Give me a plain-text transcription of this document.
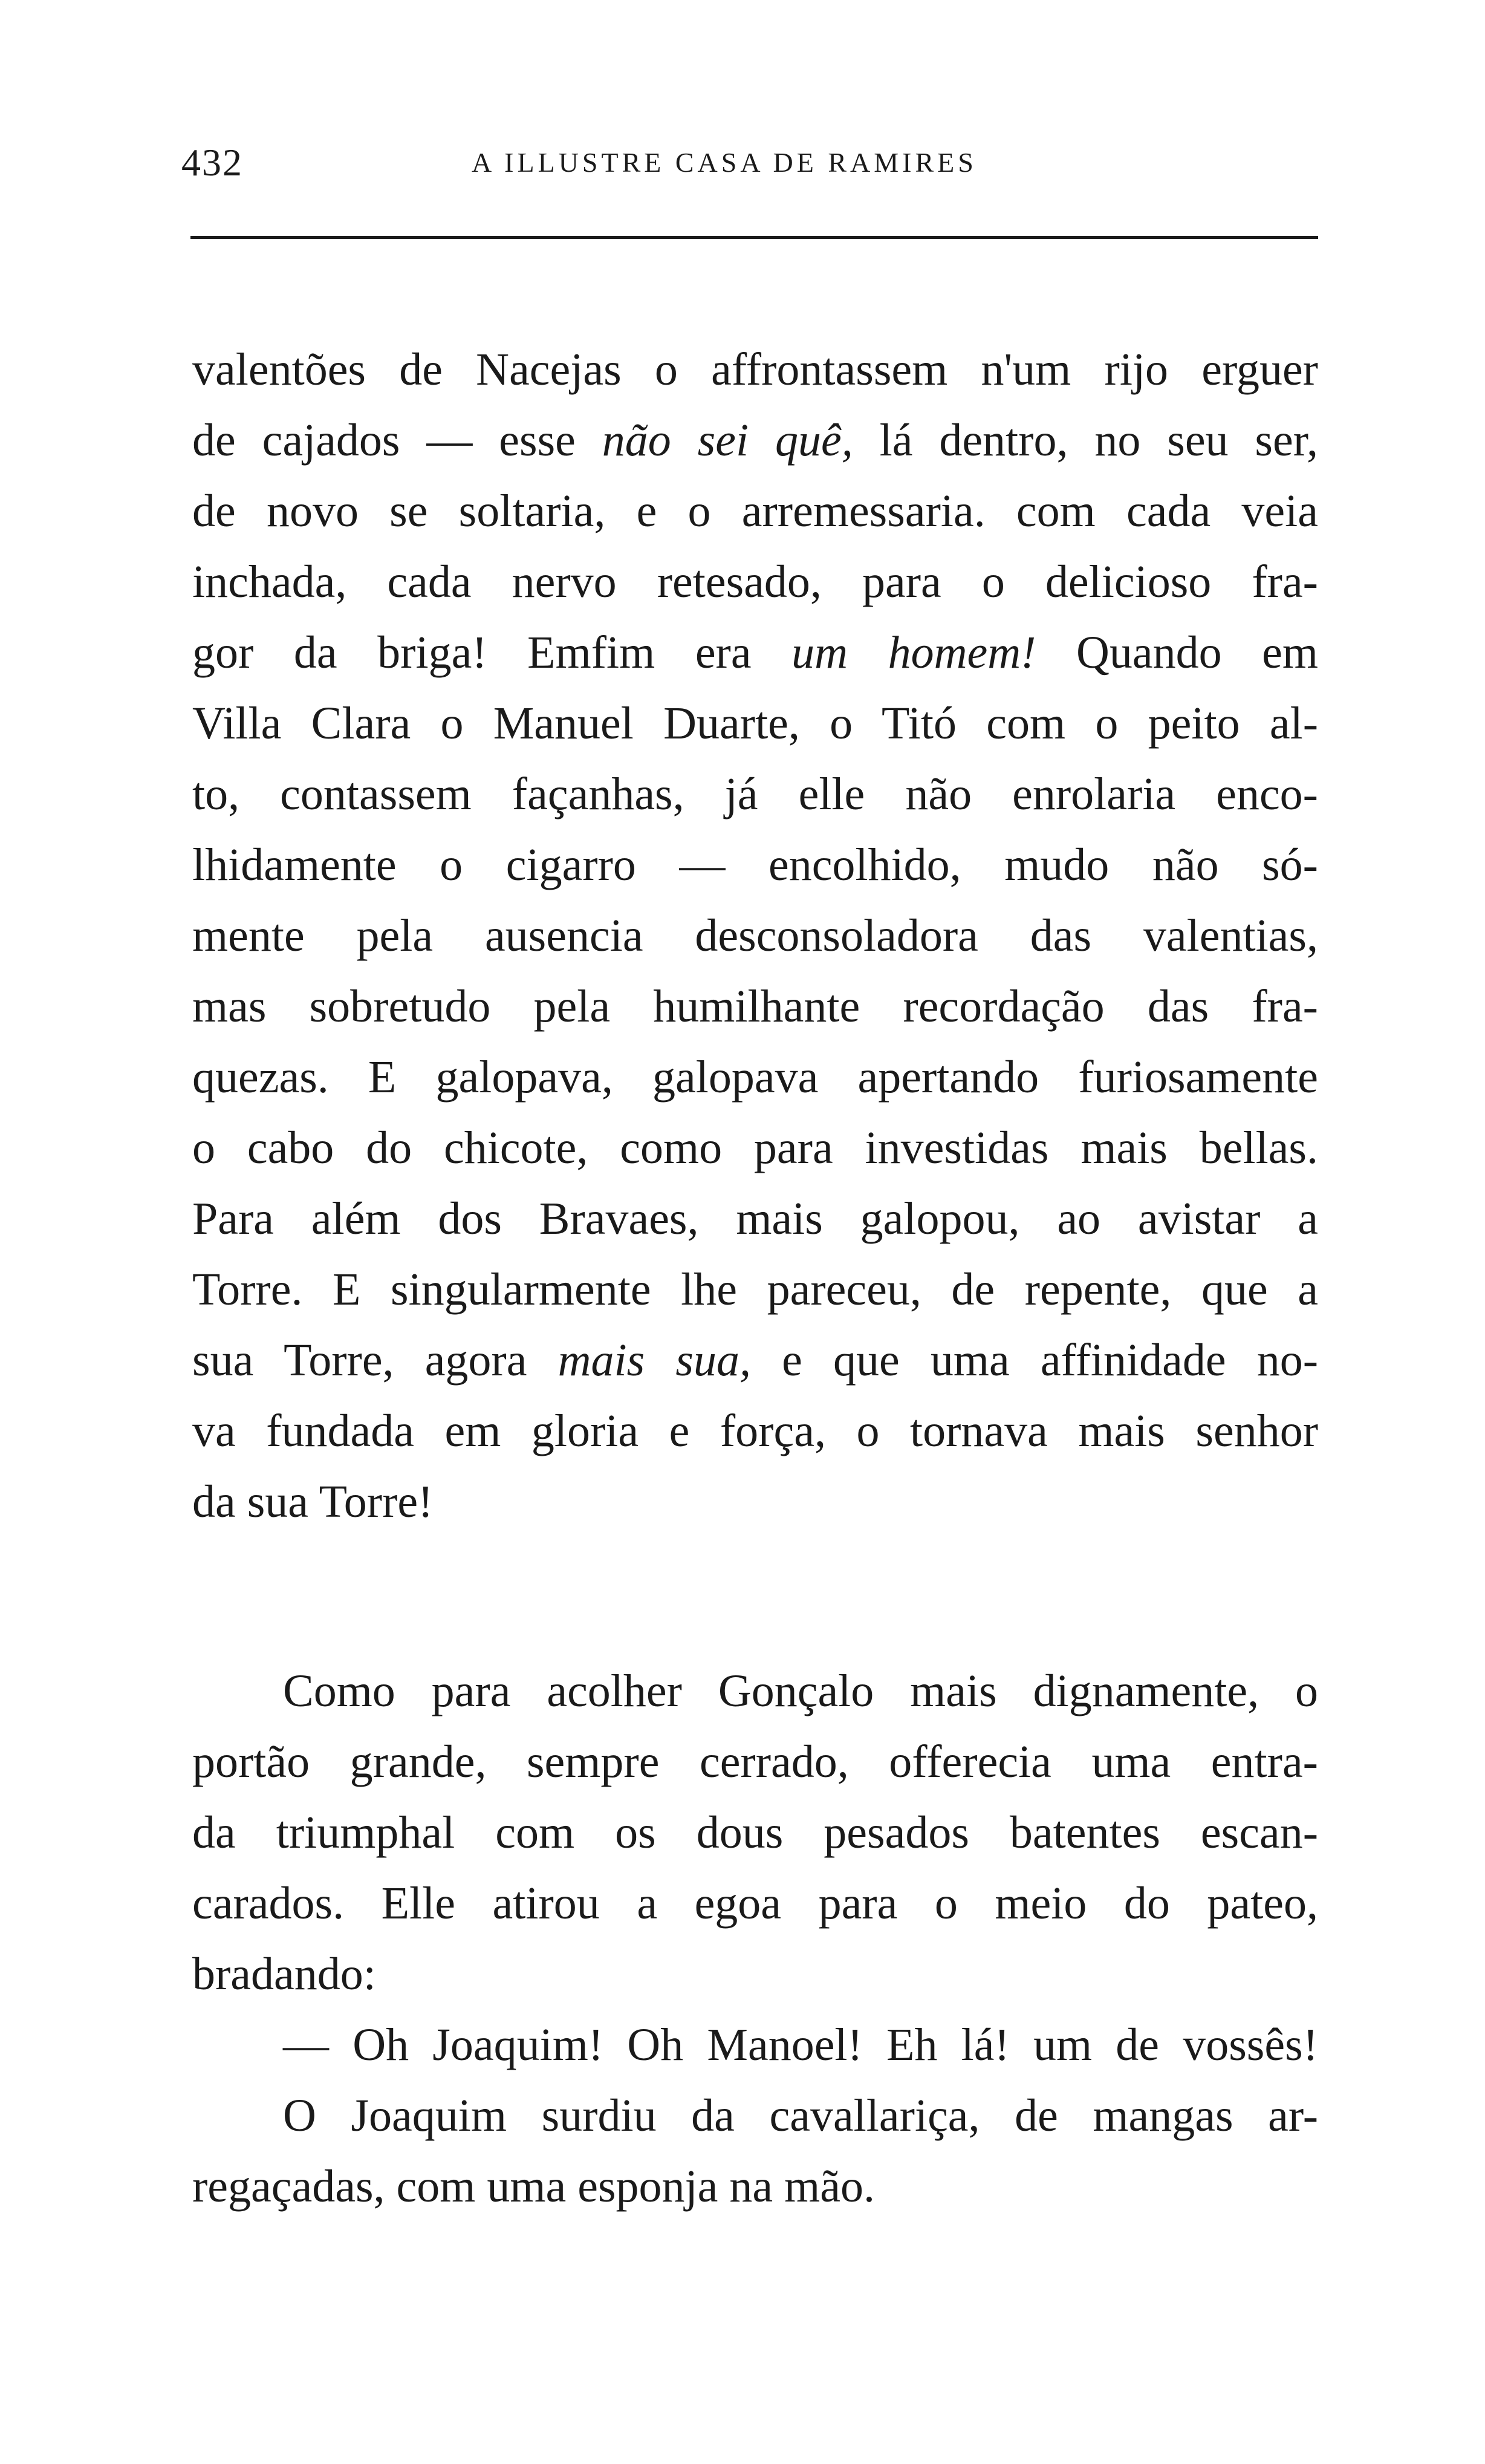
432	A ILLUSTRE CASA DE RAMIRES
valentões de Nacejas o affrontassem n'um rijo erguer
de cajados — esse não sei quê, lá dentro, no seu ser,
de novo se soltaria, e o arremessaria. com cada veia
inchada, cada nervo retesado, para o delicioso fra-
gor da briga! Emfim era um homem! Quando em
Villa Clara o Manuel Duarte, o Titó com o peito al-
to, contassem façanhas, já elle não enrolaria enco-
lhidamente o cigarro — encolhido, mudo não só-
mente pela ausencia desconsoladora das valentias,
mas sobretudo pela humilhante recordação das fra-
quezas. E galopava, galopava apertando furiosamente
o cabo do chicote, como para investidas mais bellas.
Para além dos Bravaes, mais galopou, ao avistar a
Torre. E singularmente lhe pareceu, de repente, que a
sua Torre, agora mais sua, e que uma affinidade no-
va fundada em gloria e força, o tornava mais senhor
da sua Torre!
Como para acolher Gonçalo mais dignamente, o
portão grande, sempre cerrado, offerecia uma entra-
da triumphal com os dous pesados batentes escan-
carados. Elle atirou a egoa para o meio do pateo,
bradando:
— Oh Joaquim! Oh Manoel! Eh lá! um de vossês!
O Joaquim surdiu da cavallariça, de mangas ar-
regaçadas, com uma esponja na mão.
